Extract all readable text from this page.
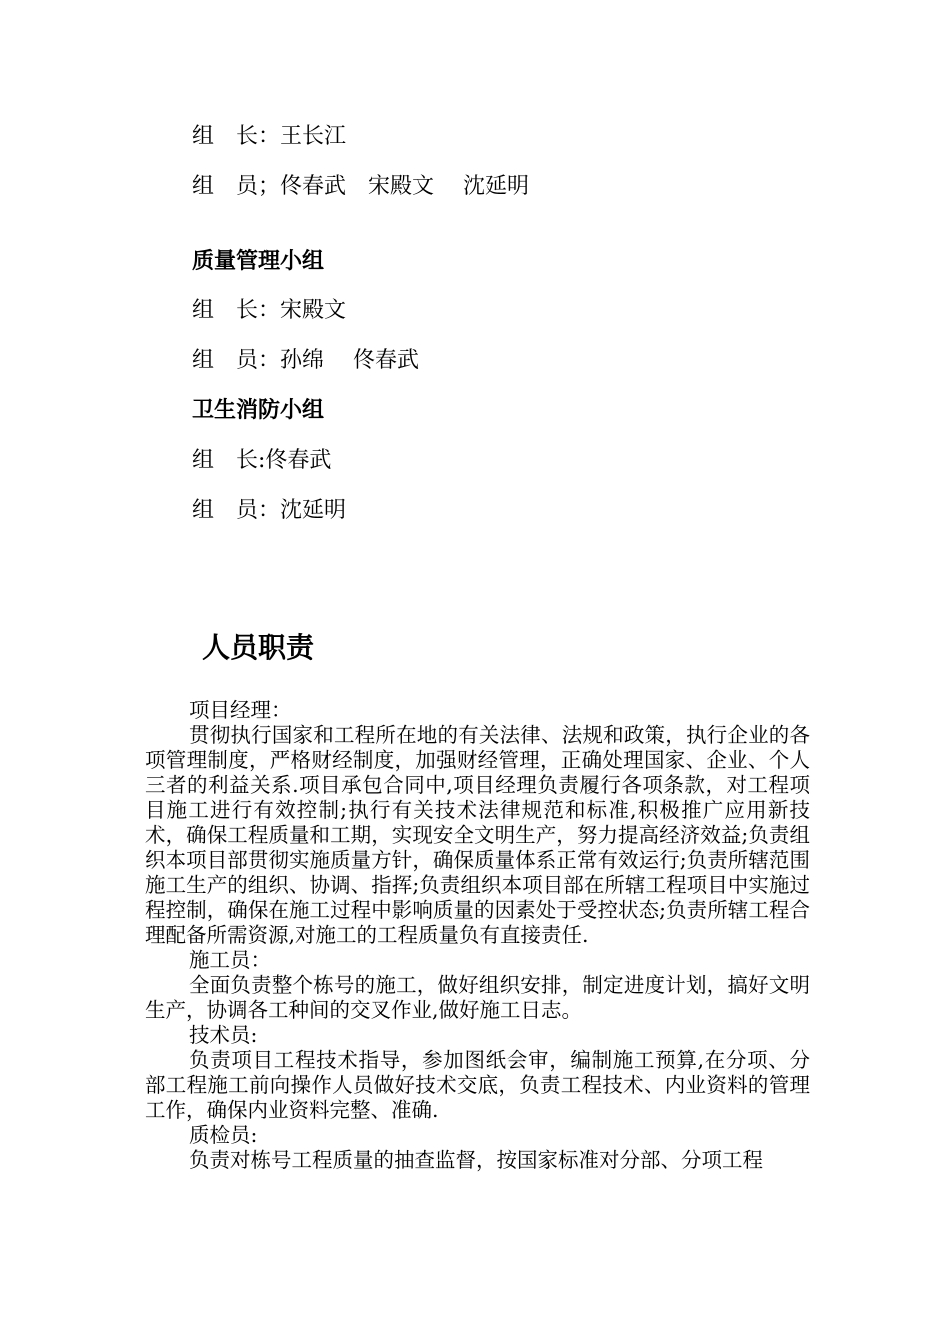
组　长：王长江
组　员；佟春武　宋殿文　 沈延明
质量管理小组
组　长：宋殿文
组　员：孙绵　 佟春武
卫生消防小组
组　长:佟春武
组　员：沈延明
人员职责

项目经理：

贯彻执行国家和工程所在地的有关法律、法规和政策，执行企业的各项管理制度，严格财经制度，加强财经管理，正确处理国家、企业、个人三者的利益关系.项目承包合同中,项目经理负责履行各项条款，对工程项目施工进行有效控制;执行有关技术法律规范和标准,积极推广应用新技术，确保工程质量和工期，实现安全文明生产，努力提高经济效益;负责组织本项目部贯彻实施质量方针，确保质量体系正常有效运行;负责所辖范围施工生产的组织、协调、指挥;负责组织本项目部在所辖工程项目中实施过程控制，确保在施工过程中影响质量的因素处于受控状态;负责所辖工程合理配备所需资源,对施工的工程质量负有直接责任.

施工员：

全面负责整个栋号的施工，做好组织安排，制定进度计划，搞好文明生产，协调各工种间的交叉作业,做好施工日志。

技术员:

负责项目工程技术指导，参加图纸会审，编制施工预算,在分项、分部工程施工前向操作人员做好技术交底，负责工程技术、内业资料的管理工作，确保内业资料完整、准确.

质检员:

负责对栋号工程质量的抽查监督，按国家标准对分部、分项工程
